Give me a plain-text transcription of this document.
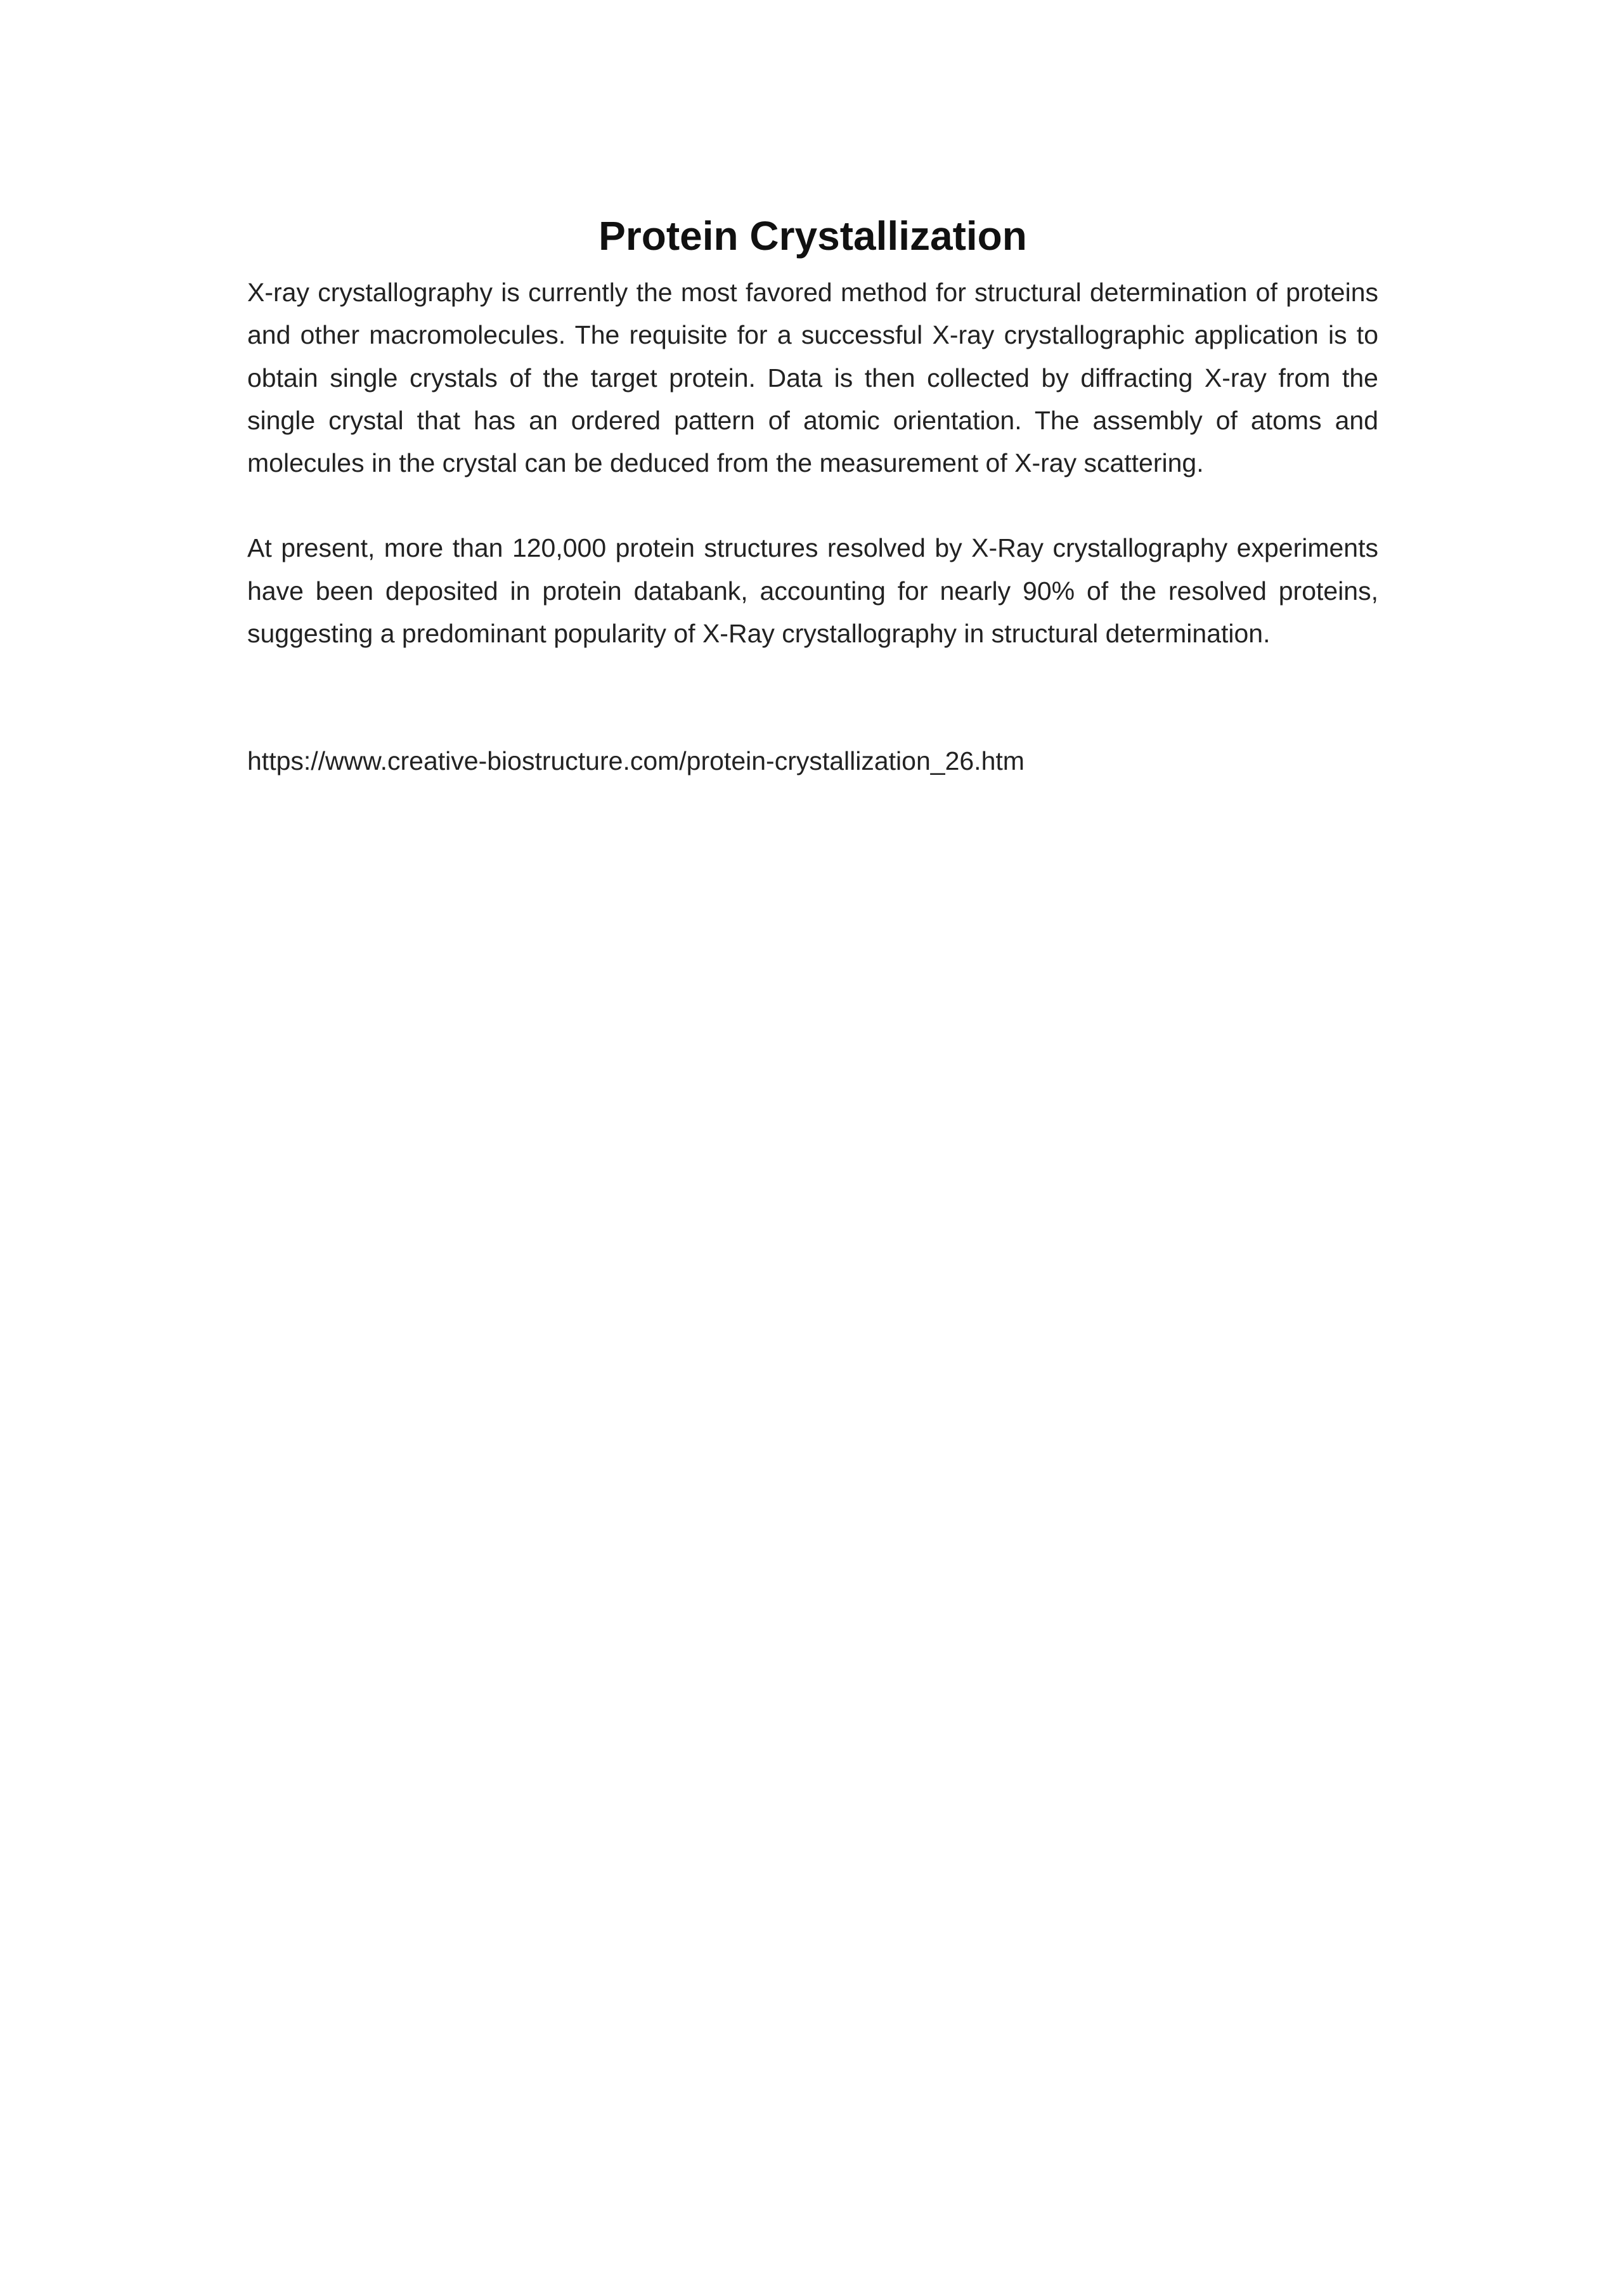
Protein Crystallization

X-ray crystallography is currently the most favored method for structural determination of proteins and other macromolecules. The requisite for a successful X-ray crystallographic application is to obtain single crystals of the target protein. Data is then collected by diffracting X-ray from the single crystal that has an ordered pattern of atomic orientation. The assembly of atoms and molecules in the crystal can be deduced from the measurement of X-ray scattering.

At present, more than 120,000 protein structures resolved by X-Ray crystallography experiments have been deposited in protein databank, accounting for nearly 90% of the resolved proteins, suggesting a predominant popularity of X-Ray crystallography in structural determination.

https://www.creative-biostructure.com/protein-crystallization_26.htm
